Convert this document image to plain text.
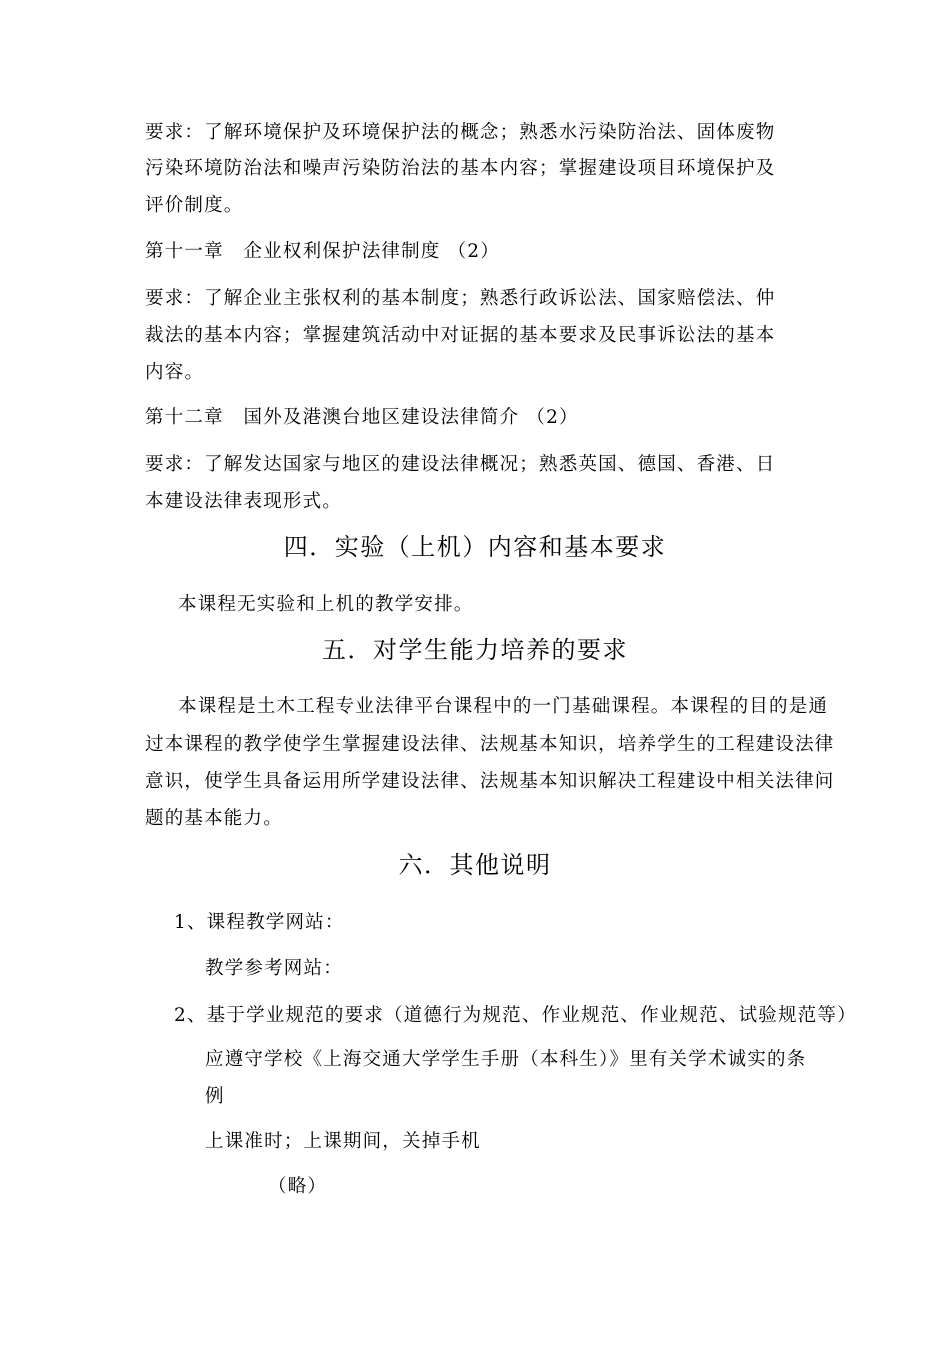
要求：了解环境保护及环境保护法的概念；熟悉水污染防治法、固体废物
污染环境防治法和噪声污染防治法的基本内容；掌握建设项目环境保护及
评价制度。
第十一章　企业权利保护法律制度 （2）
要求：了解企业主张权利的基本制度；熟悉行政诉讼法、国家赔偿法、仲
裁法的基本内容；掌握建筑活动中对证据的基本要求及民事诉讼法的基本
内容。
第十二章　国外及港澳台地区建设法律简介 （2）
要求：了解发达国家与地区的建设法律概况；熟悉英国、德国、香港、日
本建设法律表现形式。
四．实验（上机）内容和基本要求
本课程无实验和上机的教学安排。
五．对学生能力培养的要求
本课程是土木工程专业法律平台课程中的一门基础课程。本课程的目的是通
过本课程的教学使学生掌握建设法律、法规基本知识，培养学生的工程建设法律
意识，使学生具备运用所学建设法律、法规基本知识解决工程建设中相关法律问
题的基本能力。
六．其他说明
1、课程教学网站：
教学参考网站：
2、基于学业规范的要求（道德行为规范、作业规范、作业规范、试验规范等）
应遵守学校《上海交通大学学生手册（本科生）》里有关学术诚实的条
例
上课准时；上课期间，关掉手机
（略）
